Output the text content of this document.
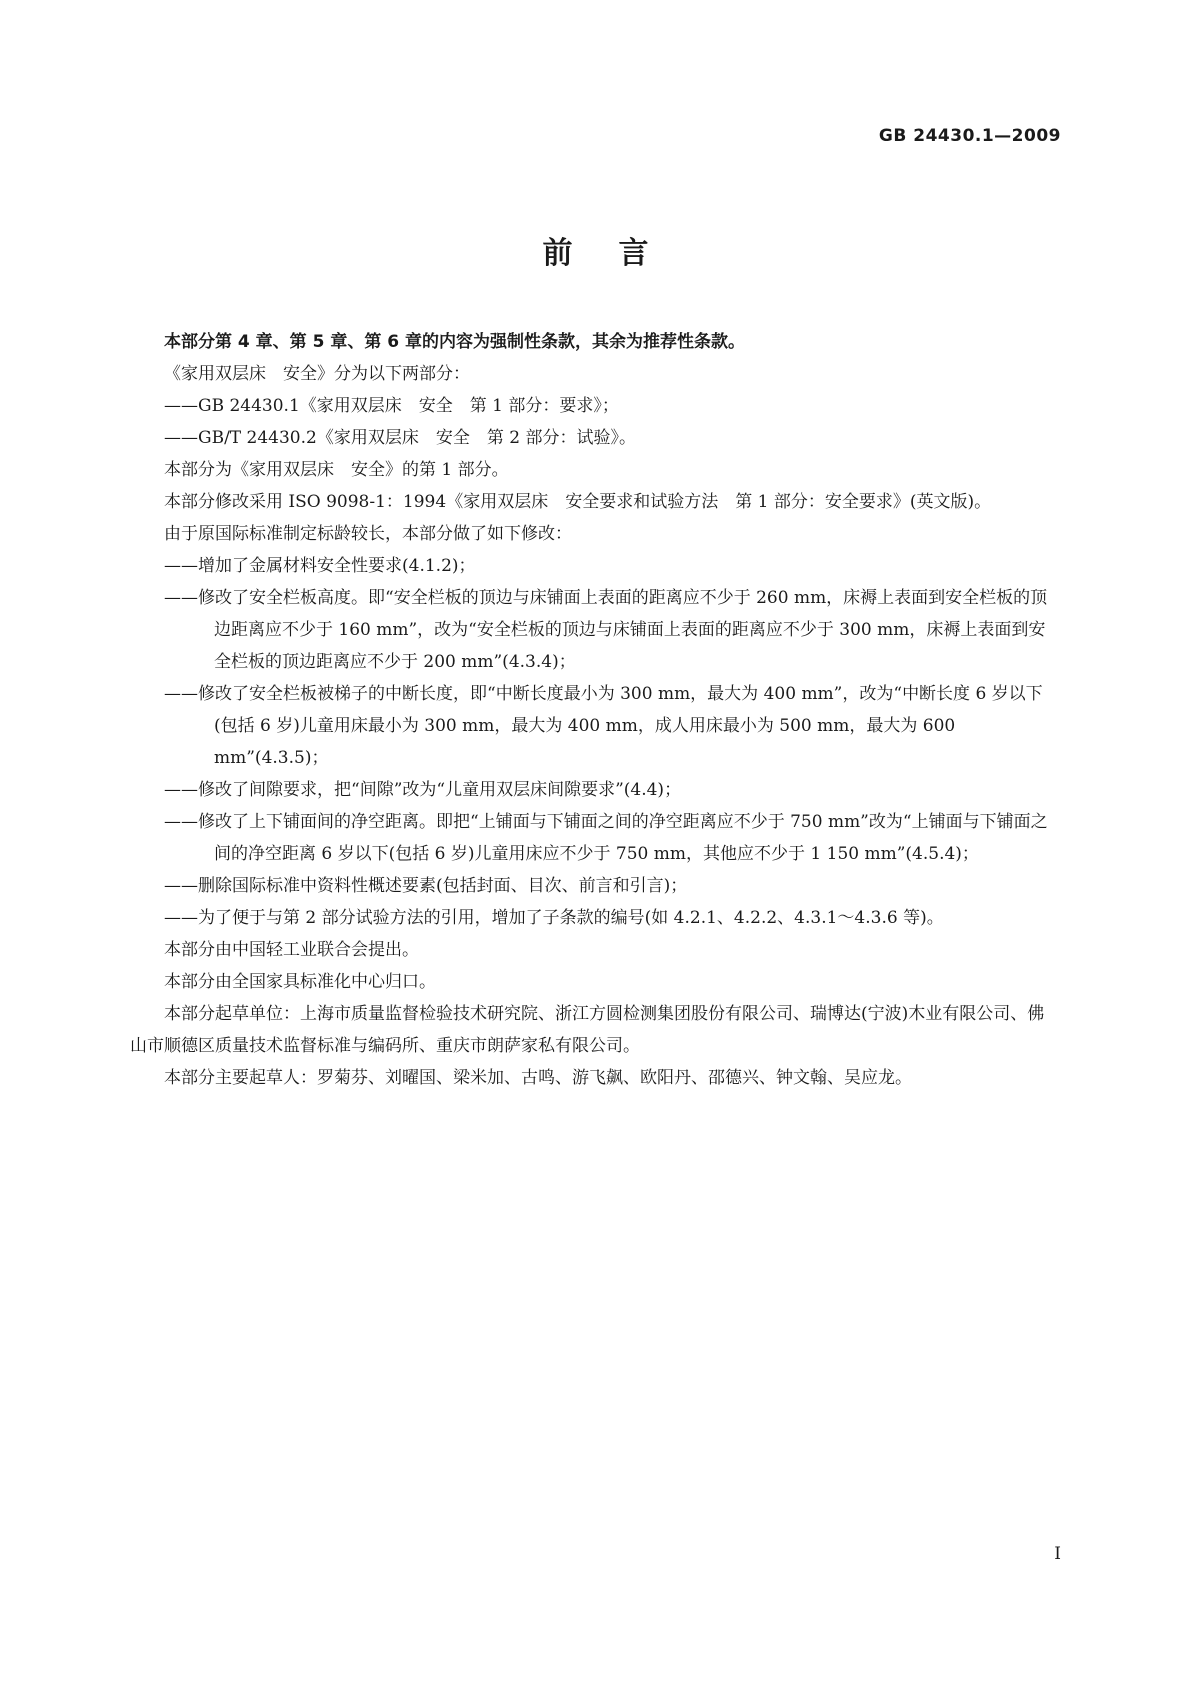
GB 24430.1—2009
前言

本部分第 4 章、第 5 章、第 6 章的内容为强制性条款，其余为推荐性条款。

《家用双层床　安全》分为以下两部分：

——GB 24430.1《家用双层床　安全　第 1 部分：要求》；

——GB/T 24430.2《家用双层床　安全　第 2 部分：试验》。

本部分为《家用双层床　安全》的第 1 部分。

本部分修改采用 ISO 9098-1：1994《家用双层床　安全要求和试验方法　第 1 部分：安全要求》(英文版)。

由于原国际标准制定标龄较长，本部分做了如下修改：

——增加了金属材料安全性要求(4.1.2)；

——修改了安全栏板高度。即“安全栏板的顶边与床铺面上表面的距离应不少于 260 mm，床褥上表面到安全栏板的顶边距离应不少于 160 mm”，改为“安全栏板的顶边与床铺面上表面的距离应不少于 300 mm，床褥上表面到安全栏板的顶边距离应不少于 200 mm”(4.3.4)；

——修改了安全栏板被梯子的中断长度，即“中断长度最小为 300 mm，最大为 400 mm”，改为“中断长度 6 岁以下(包括 6 岁)儿童用床最小为 300 mm，最大为 400 mm，成人用床最小为 500 mm，最大为 600 mm”(4.3.5)；

——修改了间隙要求，把“间隙”改为“儿童用双层床间隙要求”(4.4)；

——修改了上下铺面间的净空距离。即把“上铺面与下铺面之间的净空距离应不少于 750 mm”改为“上铺面与下铺面之间的净空距离 6 岁以下(包括 6 岁)儿童用床应不少于 750 mm，其他应不少于 1 150 mm”(4.5.4)；

——删除国际标准中资料性概述要素(包括封面、目次、前言和引言)；

——为了便于与第 2 部分试验方法的引用，增加了子条款的编号(如 4.2.1、4.2.2、4.3.1～4.3.6 等)。

本部分由中国轻工业联合会提出。

本部分由全国家具标准化中心归口。

本部分起草单位：上海市质量监督检验技术研究院、浙江方圆检测集团股份有限公司、瑞博达(宁波)木业有限公司、佛山市顺德区质量技术监督标准与编码所、重庆市朗萨家私有限公司。

本部分主要起草人：罗菊芬、刘曜国、梁米加、古鸣、游飞飙、欧阳丹、邵德兴、钟文翰、吴应龙。

I
